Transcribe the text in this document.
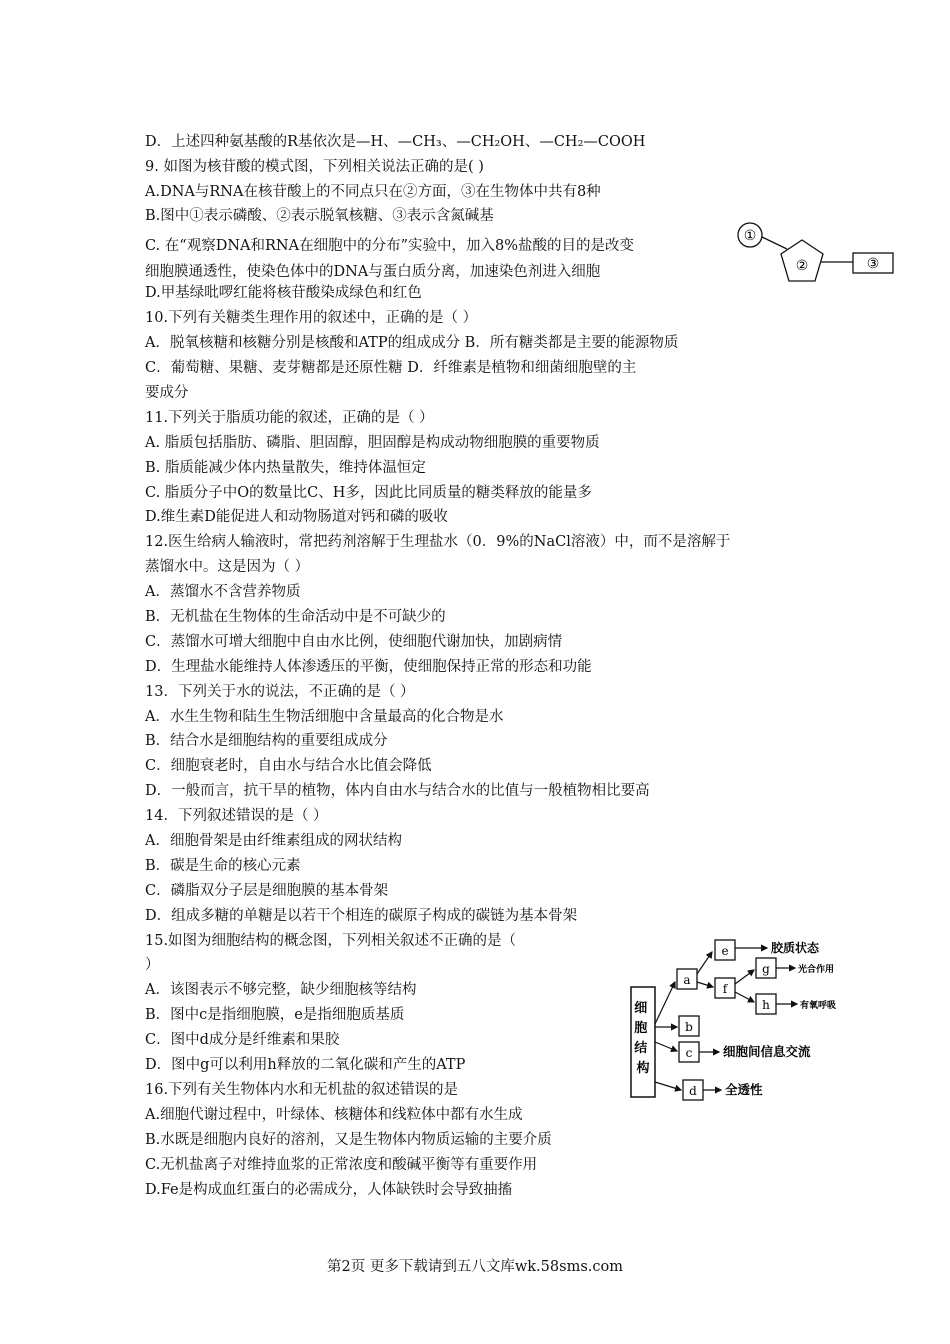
D．上述四种氨基酸的R基依次是—H、—CH₃、—CH₂OH、—CH₂—COOH
9. 如图为核苷酸的模式图，下列相关说法正确的是( )
A.DNA与RNA在核苷酸上的不同点只在②方面，③在生物体中共有8种
B.图中①表示磷酸、②表示脱氧核糖、③表示含氮碱基
C. 在“观察DNA和RNA在细胞中的分布”实验中，加入8%盐酸的目的是改变
细胞膜通透性，使染色体中的DNA与蛋白质分离，加速染色剂进入细胞
D.甲基绿吡啰红能将核苷酸染成绿色和红色
10.下列有关糖类生理作用的叙述中，正确的是（ ）
A．脱氧核糖和核糖分别是核酸和ATP的组成成分 B．所有糖类都是主要的能源物质
C．葡萄糖、果糖、麦芽糖都是还原性糖 D．纤维素是植物和细菌细胞壁的主
要成分
11.下列关于脂质功能的叙述，正确的是（ ）
A. 脂质包括脂肪、磷脂、胆固醇，胆固醇是构成动物细胞膜的重要物质
B. 脂质能减少体内热量散失，维持体温恒定
C. 脂质分子中O的数量比C、H多，因此比同质量的糖类释放的能量多
D.维生素D能促进人和动物肠道对钙和磷的吸收
12.医生给病人输液时，常把药剂溶解于生理盐水（0．9%的NaCl溶液）中，而不是溶解于
蒸馏水中。这是因为（ ）
A．蒸馏水不含营养物质
B．无机盐在生物体的生命活动中是不可缺少的
C．蒸馏水可增大细胞中自由水比例，使细胞代谢加快，加剧病情
D．生理盐水能维持人体渗透压的平衡，使细胞保持正常的形态和功能
13．下列关于水的说法，不正确的是（ ）
A．水生生物和陆生生物活细胞中含量最高的化合物是水
B．结合水是细胞结构的重要组成成分
C．细胞衰老时，自由水与结合水比值会降低
D．一般而言，抗干旱的植物，体内自由水与结合水的比值与一般植物相比要高
14．下列叙述错误的是（ ）
A．细胞骨架是由纤维素组成的网状结构
B．碳是生命的核心元素
C．磷脂双分子层是细胞膜的基本骨架
D．组成多糖的单糖是以若干个相连的碳原子构成的碳链为基本骨架
15.如图为细胞结构的概念图，下列相关叙述不正确的是（
）
A．该图表示不够完整，缺少细胞核等结构
B．图中c是指细胞膜，e是指细胞质基质
C．图中d成分是纤维素和果胶
D．图中g可以利用h释放的二氧化碳和产生的ATP
16.下列有关生物体内水和无机盐的叙述错误的是
A.细胞代谢过程中，叶绿体、核糖体和线粒体中都有水生成
B.水既是细胞内良好的溶剂，又是生物体内物质运输的主要介质
C.无机盐离子对维持血浆的正常浓度和酸碱平衡等有重要作用
D.Fe是构成血红蛋白的必需成分，人体缺铁时会导致抽搐
①
②	③
细 胞 结 构
a
e	胶质状态
f
g	光合作用
h	有氧呼吸
b
c 细胞间信息交流
d 全透性
第2页 更多下载请到五八文库wk.58sms.com
